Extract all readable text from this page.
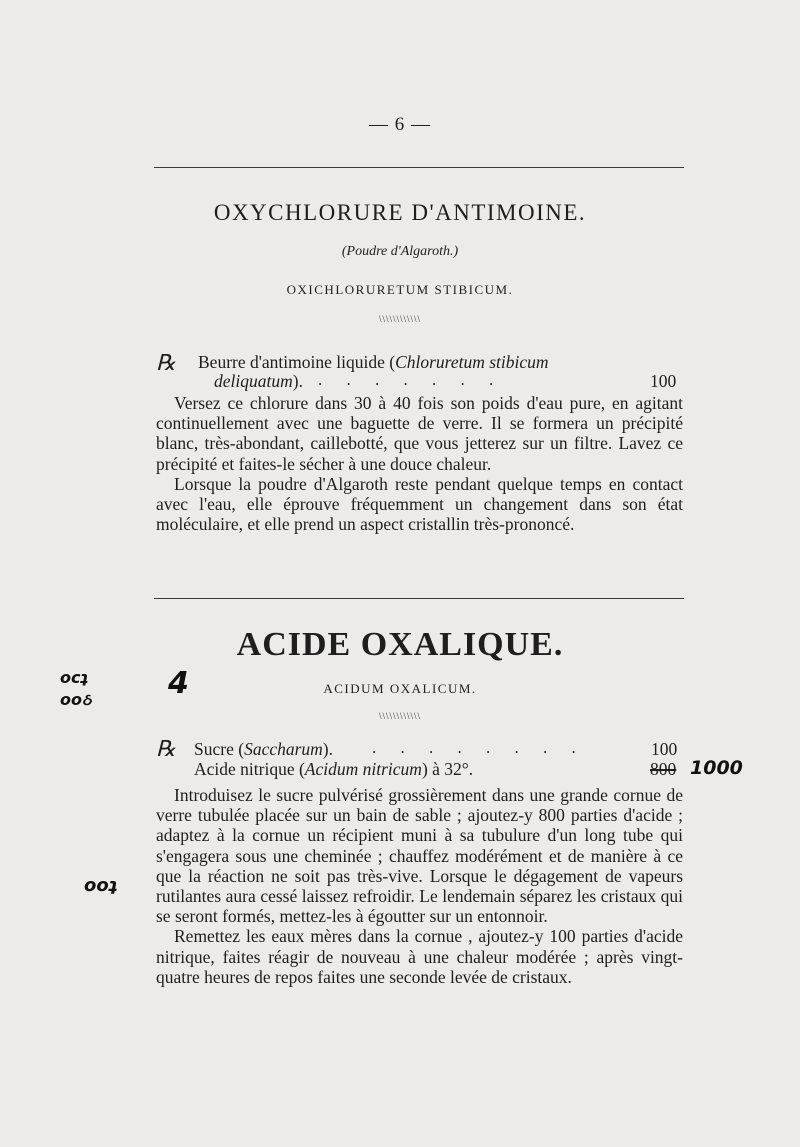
— 6 —
OXYCHLORURE D'ANTIMOINE.
(Poudre d'Algaroth.)
OXICHLORURETUM STIBICUM.
\\\\\\\\\\\\
℞ Beurre d'antimoine liquide (Chloruretum stibicum
deliquatum). . . . . . . .	100

Versez ce chlorure dans 30 à 40 fois son poids d'eau pure, en agitant continuellement avec une baguette de verre. Il se formera un précipité blanc, très-abondant, caillebotté, que vous jetterez sur un filtre. Lavez ce précipité et faites-le sécher à une douce chaleur.

Lorsque la poudre d'Algaroth reste pendant quelque temps en contact avec l'eau, elle éprouve fréquemment un changement dans son état moléculaire, et elle prend un aspect cristallin très-prononcé.

ACIDE OXALIQUE.
ACIDUM OXALICUM.
\\\\\\\\\\\\
℞ Sucre (Saccharum). . . . . . . . .	100
Acide nitrique (Acidum nitricum) à 32°.	800 1000

Introduisez le sucre pulvérisé grossièrement dans une grande cornue de verre tubulée placée sur un bain de sable ; ajoutez-y 800 parties d'acide ; adaptez à la cornue un récipient muni à sa tubulure d'un long tube qui s'engagera sous une cheminée ; chauffez modérément et de manière à ce que la réaction ne soit pas très-vive. Lorsque le dégagement de vapeurs rutilantes aura cessé laissez refroidir. Le lendemain séparez les cristaux qui se seront formés, mettez-les à égoutter sur un entonnoir.

Remettez les eaux mères dans la cornue , ajoutez-y 100 parties d'acide nitrique, faites réagir de nouveau à une chaleur modérée ; après vingt-quatre heures de repos faites une seconde levée de cristaux.

ocʇ
ooઠ	4
ooʇ
